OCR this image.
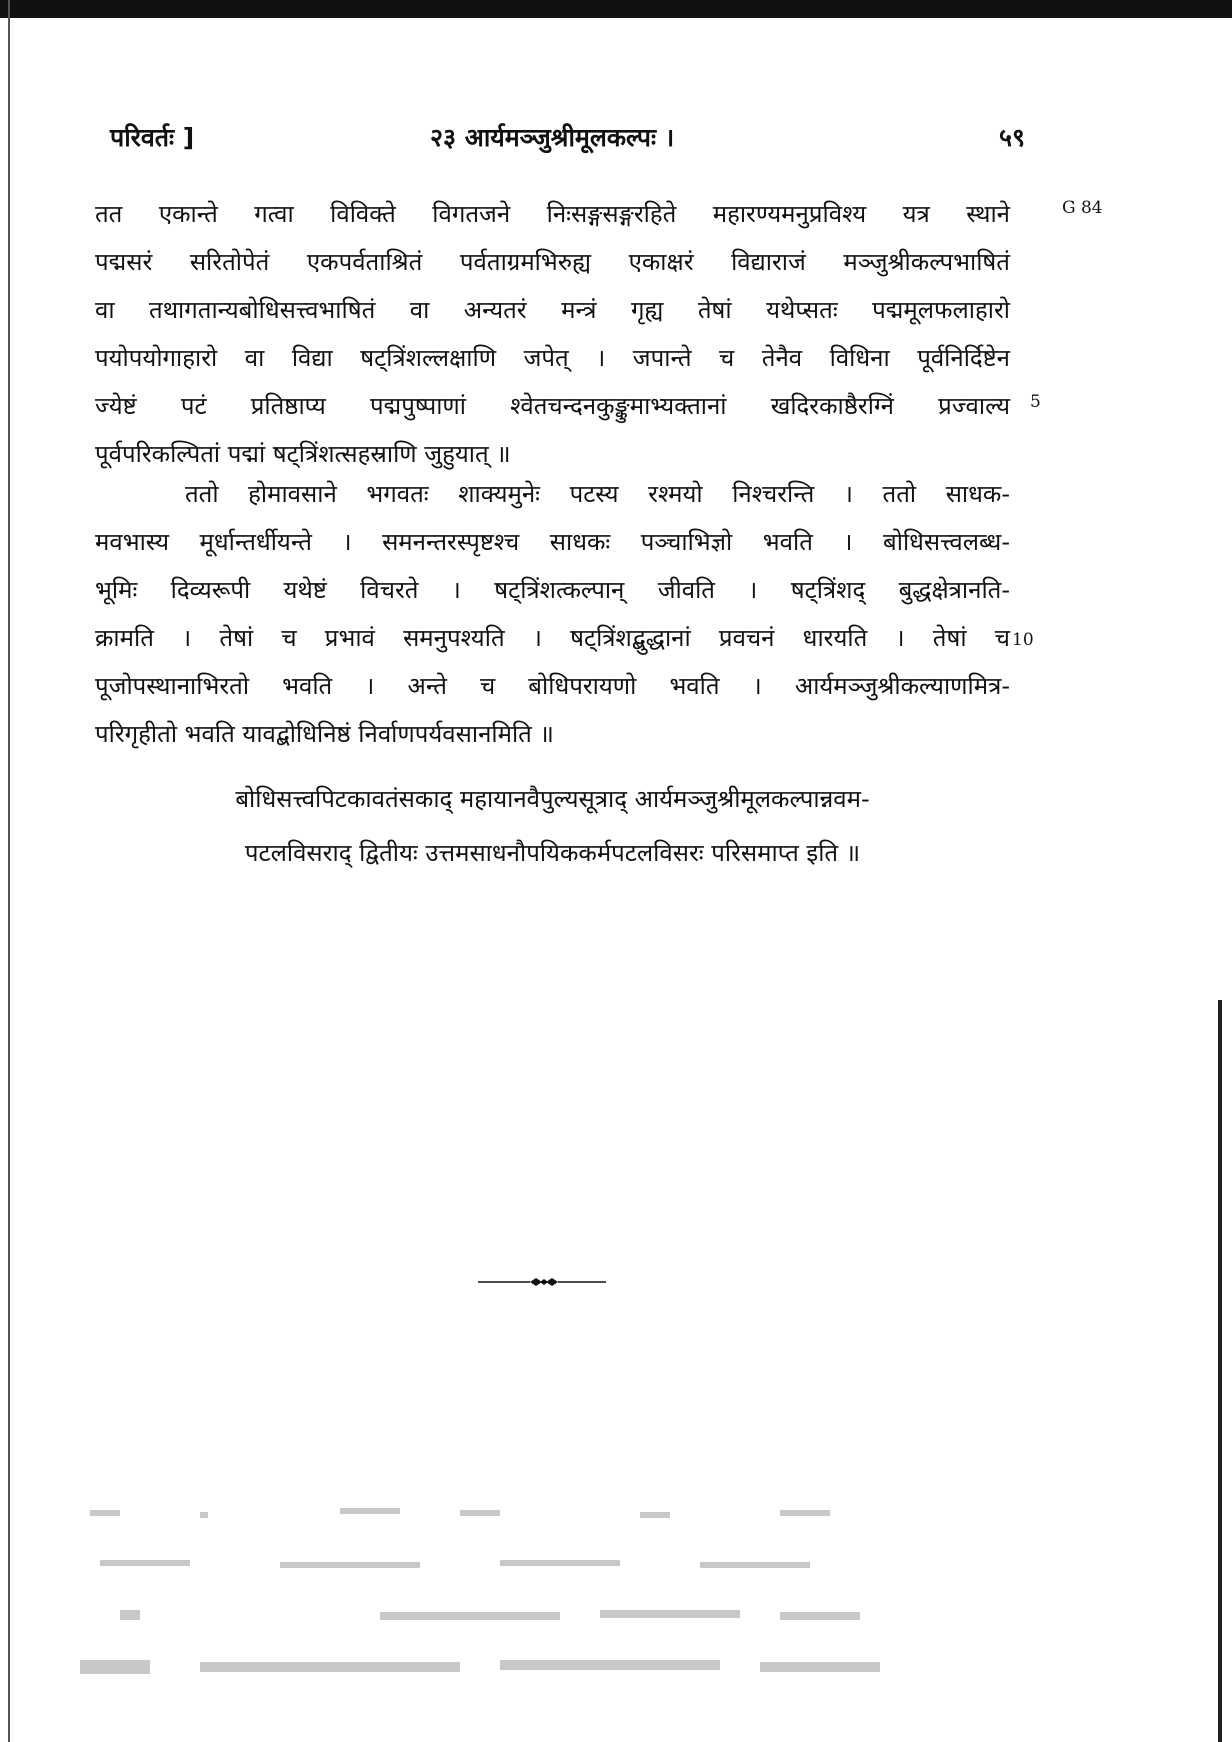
परिवर्तः ]	२३ आर्यमञ्जुश्रीमूलकल्पः ।	५९
G 84
5
10
तत एकान्ते गत्वा विविक्ते विगतजने निःसङ्गसङ्गरहिते महारण्यमनुप्रविश्य यत्र स्थाने
पद्मसरं सरितोपेतं एकपर्वताश्रितं पर्वताग्रमभिरुह्य एकाक्षरं विद्याराजं मञ्जुश्रीकल्पभाषितं
वा तथागतान्यबोधिसत्त्वभाषितं वा अन्यतरं मन्त्रं गृह्य तेषां यथेप्सतः पद्ममूलफलाहारो
पयोपयोगाहारो वा विद्या षट्त्रिंशल्लक्षाणि जपेत् । जपान्ते च तेनैव विधिना पूर्वनिर्दिष्टेन
ज्येष्टं पटं प्रतिष्ठाप्य पद्मपुष्पाणां श्वेतचन्दनकुङ्कुमाभ्यक्तानां खदिरकाष्ठैरग्निं प्रज्वाल्य
पूर्वपरिकल्पितां पद्मां षट्त्रिंशत्सहस्राणि जुहुयात् ॥
ततो होमावसाने भगवतः शाक्यमुनेः पटस्य रश्मयो निश्चरन्ति । ततो साधक-
मवभास्य मूर्धान्तर्धीयन्ते । समनन्तरस्पृष्टश्च साधकः पञ्चाभिज्ञो भवति । बोधिसत्त्वलब्ध-
भूमिः दिव्यरूपी यथेष्टं विचरते । षट्त्रिंशत्कल्पान् जीवति । षट्त्रिंशद् बुद्धक्षेत्रानति-
क्रामति । तेषां च प्रभावं समनुपश्यति । षट्त्रिंशद्बुद्धानां प्रवचनं धारयति । तेषां च
पूजोपस्थानाभिरतो भवति । अन्ते च बोधिपरायणो भवति । आर्यमञ्जुश्रीकल्याणमित्र-
परिगृहीतो भवति यावद्बोधिनिष्ठं निर्वाणपर्यवसानमिति ॥
बोधिसत्त्वपिटकावतंसकाद् महायानवैपुल्यसूत्राद् आर्यमञ्जुश्रीमूलकल्पान्नवम-
पटलविसराद् द्वितीयः उत्तमसाधनौपयिककर्मपटलविसरः परिसमाप्त इति ॥
